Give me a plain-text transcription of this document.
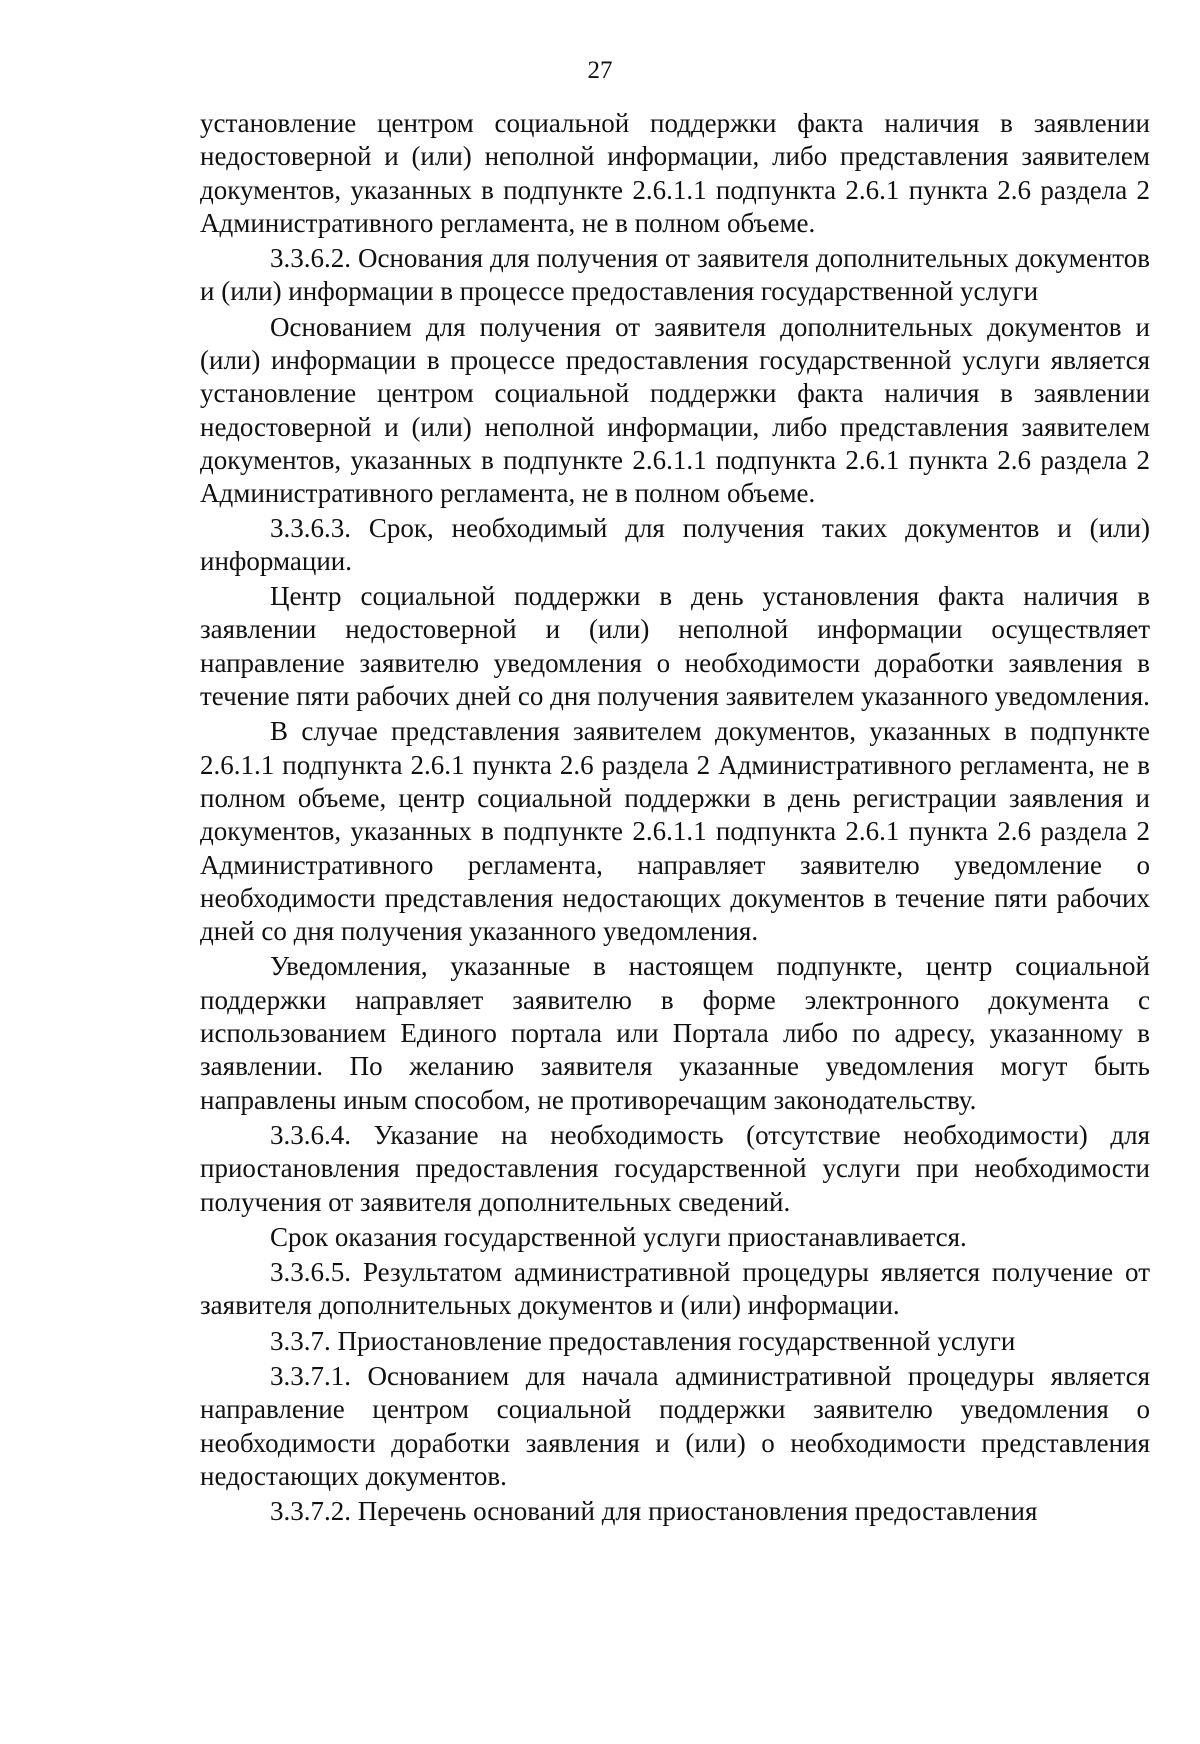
27

установление центром социальной поддержки факта наличия в заявлении недостоверной и (или) неполной информации, либо представления заявителем документов, указанных в подпункте 2.6.1.1 подпункта 2.6.1 пункта 2.6 раздела 2 Административного регламента, не в полном объеме.

3.3.6.2. Основания для получения от заявителя дополнительных документов и (или) информации в процессе предоставления государственной услуги

Основанием для получения от заявителя дополнительных документов и (или) информации в процессе предоставления государственной услуги является установление центром социальной поддержки факта наличия в заявлении недостоверной и (или) неполной информации, либо представления заявителем документов, указанных в подпункте 2.6.1.1 подпункта 2.6.1 пункта 2.6 раздела 2 Административного регламента, не в полном объеме.

3.3.6.3. Срок, необходимый для получения таких документов и (или) информации.

Центр социальной поддержки в день установления факта наличия в заявлении недостоверной и (или) неполной информации осуществляет направление заявителю уведомления о необходимости доработки заявления в течение пяти рабочих дней со дня получения заявителем указанного уведомления.

В случае представления заявителем документов, указанных в подпункте 2.6.1.1 подпункта 2.6.1 пункта 2.6 раздела 2 Административного регламента, не в полном объеме, центр социальной поддержки в день регистрации заявления и документов, указанных в подпункте 2.6.1.1 подпункта 2.6.1 пункта 2.6 раздела 2 Административного регламента, направляет заявителю уведомление о необходимости представления недостающих документов в течение пяти рабочих дней со дня получения указанного уведомления.

Уведомления, указанные в настоящем подпункте, центр социальной поддержки направляет заявителю в форме электронного документа с использованием Единого портала или Портала либо по адресу, указанному в заявлении. По желанию заявителя указанные уведомления могут быть направлены иным способом, не противоречащим законодательству.

3.3.6.4. Указание на необходимость (отсутствие необходимости) для приостановления предоставления государственной услуги при необходимости получения от заявителя дополнительных сведений.

Срок оказания государственной услуги приостанавливается.

3.3.6.5. Результатом административной процедуры является получение от заявителя дополнительных документов и (или) информации.

3.3.7. Приостановление предоставления государственной услуги

3.3.7.1. Основанием для начала административной процедуры является направление центром социальной поддержки заявителю уведомления о необходимости доработки заявления и (или) о необходимости представления недостающих документов.

3.3.7.2. Перечень оснований для приостановления предоставления
